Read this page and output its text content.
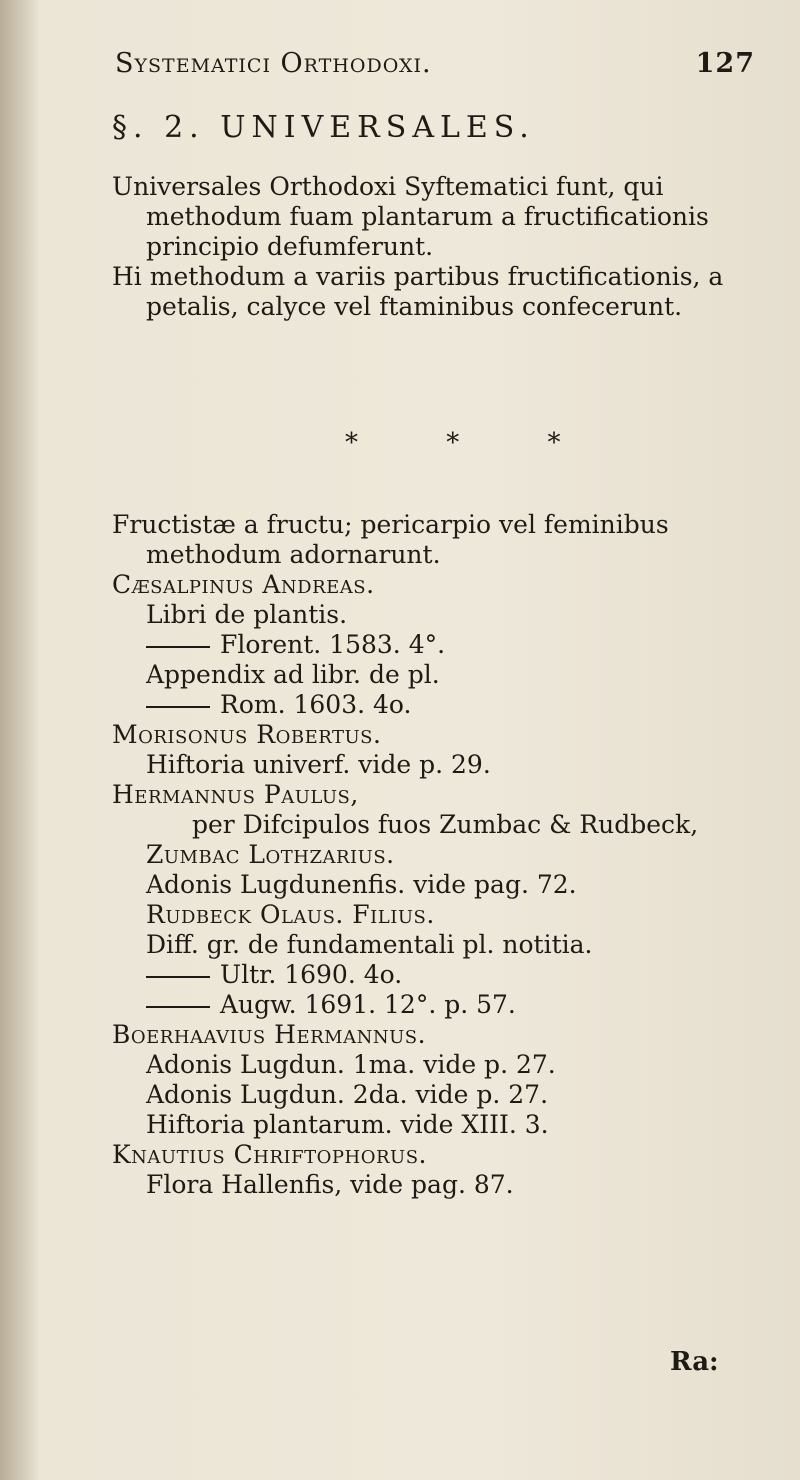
Systematici Orthodoxi.	127
§. 2. UNIVERSALES.
Universales Orthodoxi Syftematici funt, qui
methodum fuam plantarum a fructificationis
principio defumferunt.
Hi methodum a variis partibus fructificationis, a
petalis, calyce vel ftaminibus confecerunt.
* * *
Fructistæ a fructu; pericarpio vel feminibus
methodum adornarunt.
Cæsalpinus Andreas.
Libri de plantis.
Florent. 1583. 4°.
Appendix ad libr. de pl.
Rom. 1603. 4o.
Morisonus Robertus.
Hiftoria univerf. vide p. 29.
Hermannus Paulus,
per Difcipulos fuos Zumbac & Rudbeck,
Zumbac Lothzarius.
Adonis Lugdunenfis. vide pag. 72.
Rudbeck Olaus. Filius.
Diff. gr. de fundamentali pl. notitia.
Ultr. 1690. 4o.
Augw. 1691. 12°. p. 57.
Boerhaavius Hermannus.
Adonis Lugdun. 1ma. vide p. 27.
Adonis Lugdun. 2da. vide p. 27.
Hiftoria plantarum. vide XIII. 3.
Knautius Chriftophorus.
Flora Hallenfis, vide pag. 87.
Ra:
